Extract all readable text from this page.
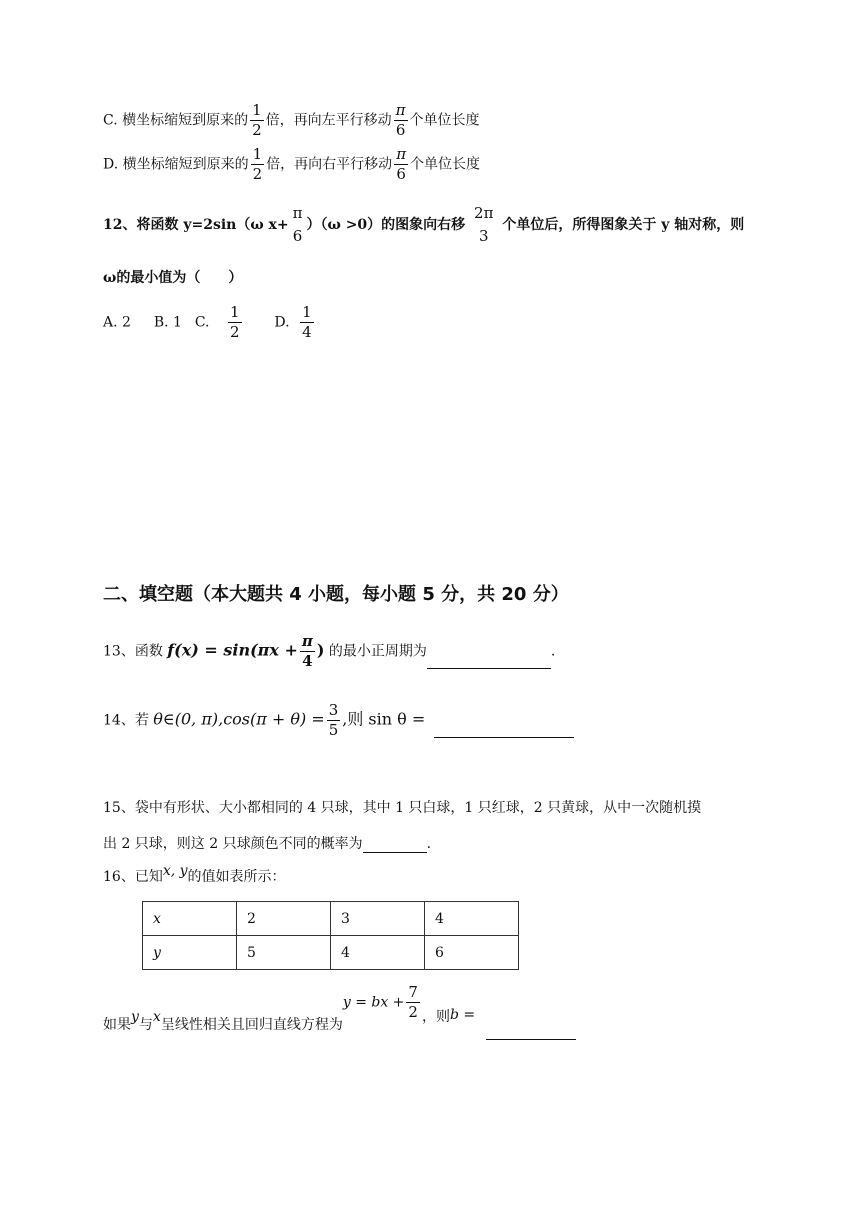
C. 横坐标缩短到原来的 $\frac{1}{2}$ 倍，再向左平行移动 $\frac{\pi}{6}$ 个单位长度
D. 横坐标缩短到原来的 $\frac{1}{2}$ 倍，再向右平行移动 $\frac{\pi}{6}$ 个单位长度
12、将函数 y=2sin（ω x+
π
6
）（ω >0）的图象向右移
2π
3
个单位后，所得图象关于 y 轴对称，则
ω的最小值为（　　）
A. 2 B. 1 C. $\frac{1}{2} D$. $\frac{1}{4}$
二、填空题（本大题共 4 小题，每小题 5 分，共 20 分）
13、函数 $f(x) = \sin(\pi x + \frac{\pi}{4}$ ) 的最小正周期为	.
14、若 θ∈(0, $\pi),\cos(\pi + \theta) = \frac{3}{5}$ ,则 sin θ =
15、袋中有形状、大小都相同的 4 只球，其中 1 只白球，1 只红球，2 只黄球，从中一次随机摸
出 2 只球，则这 2 只球颜色不同的概率为	.
16、已知x, y的值如表所示：
x	2	3	4
y	5	4	6
如果y与x呈线性相关且回归直线方程为y = bx + $\frac{7}{2}$ ，则b =
